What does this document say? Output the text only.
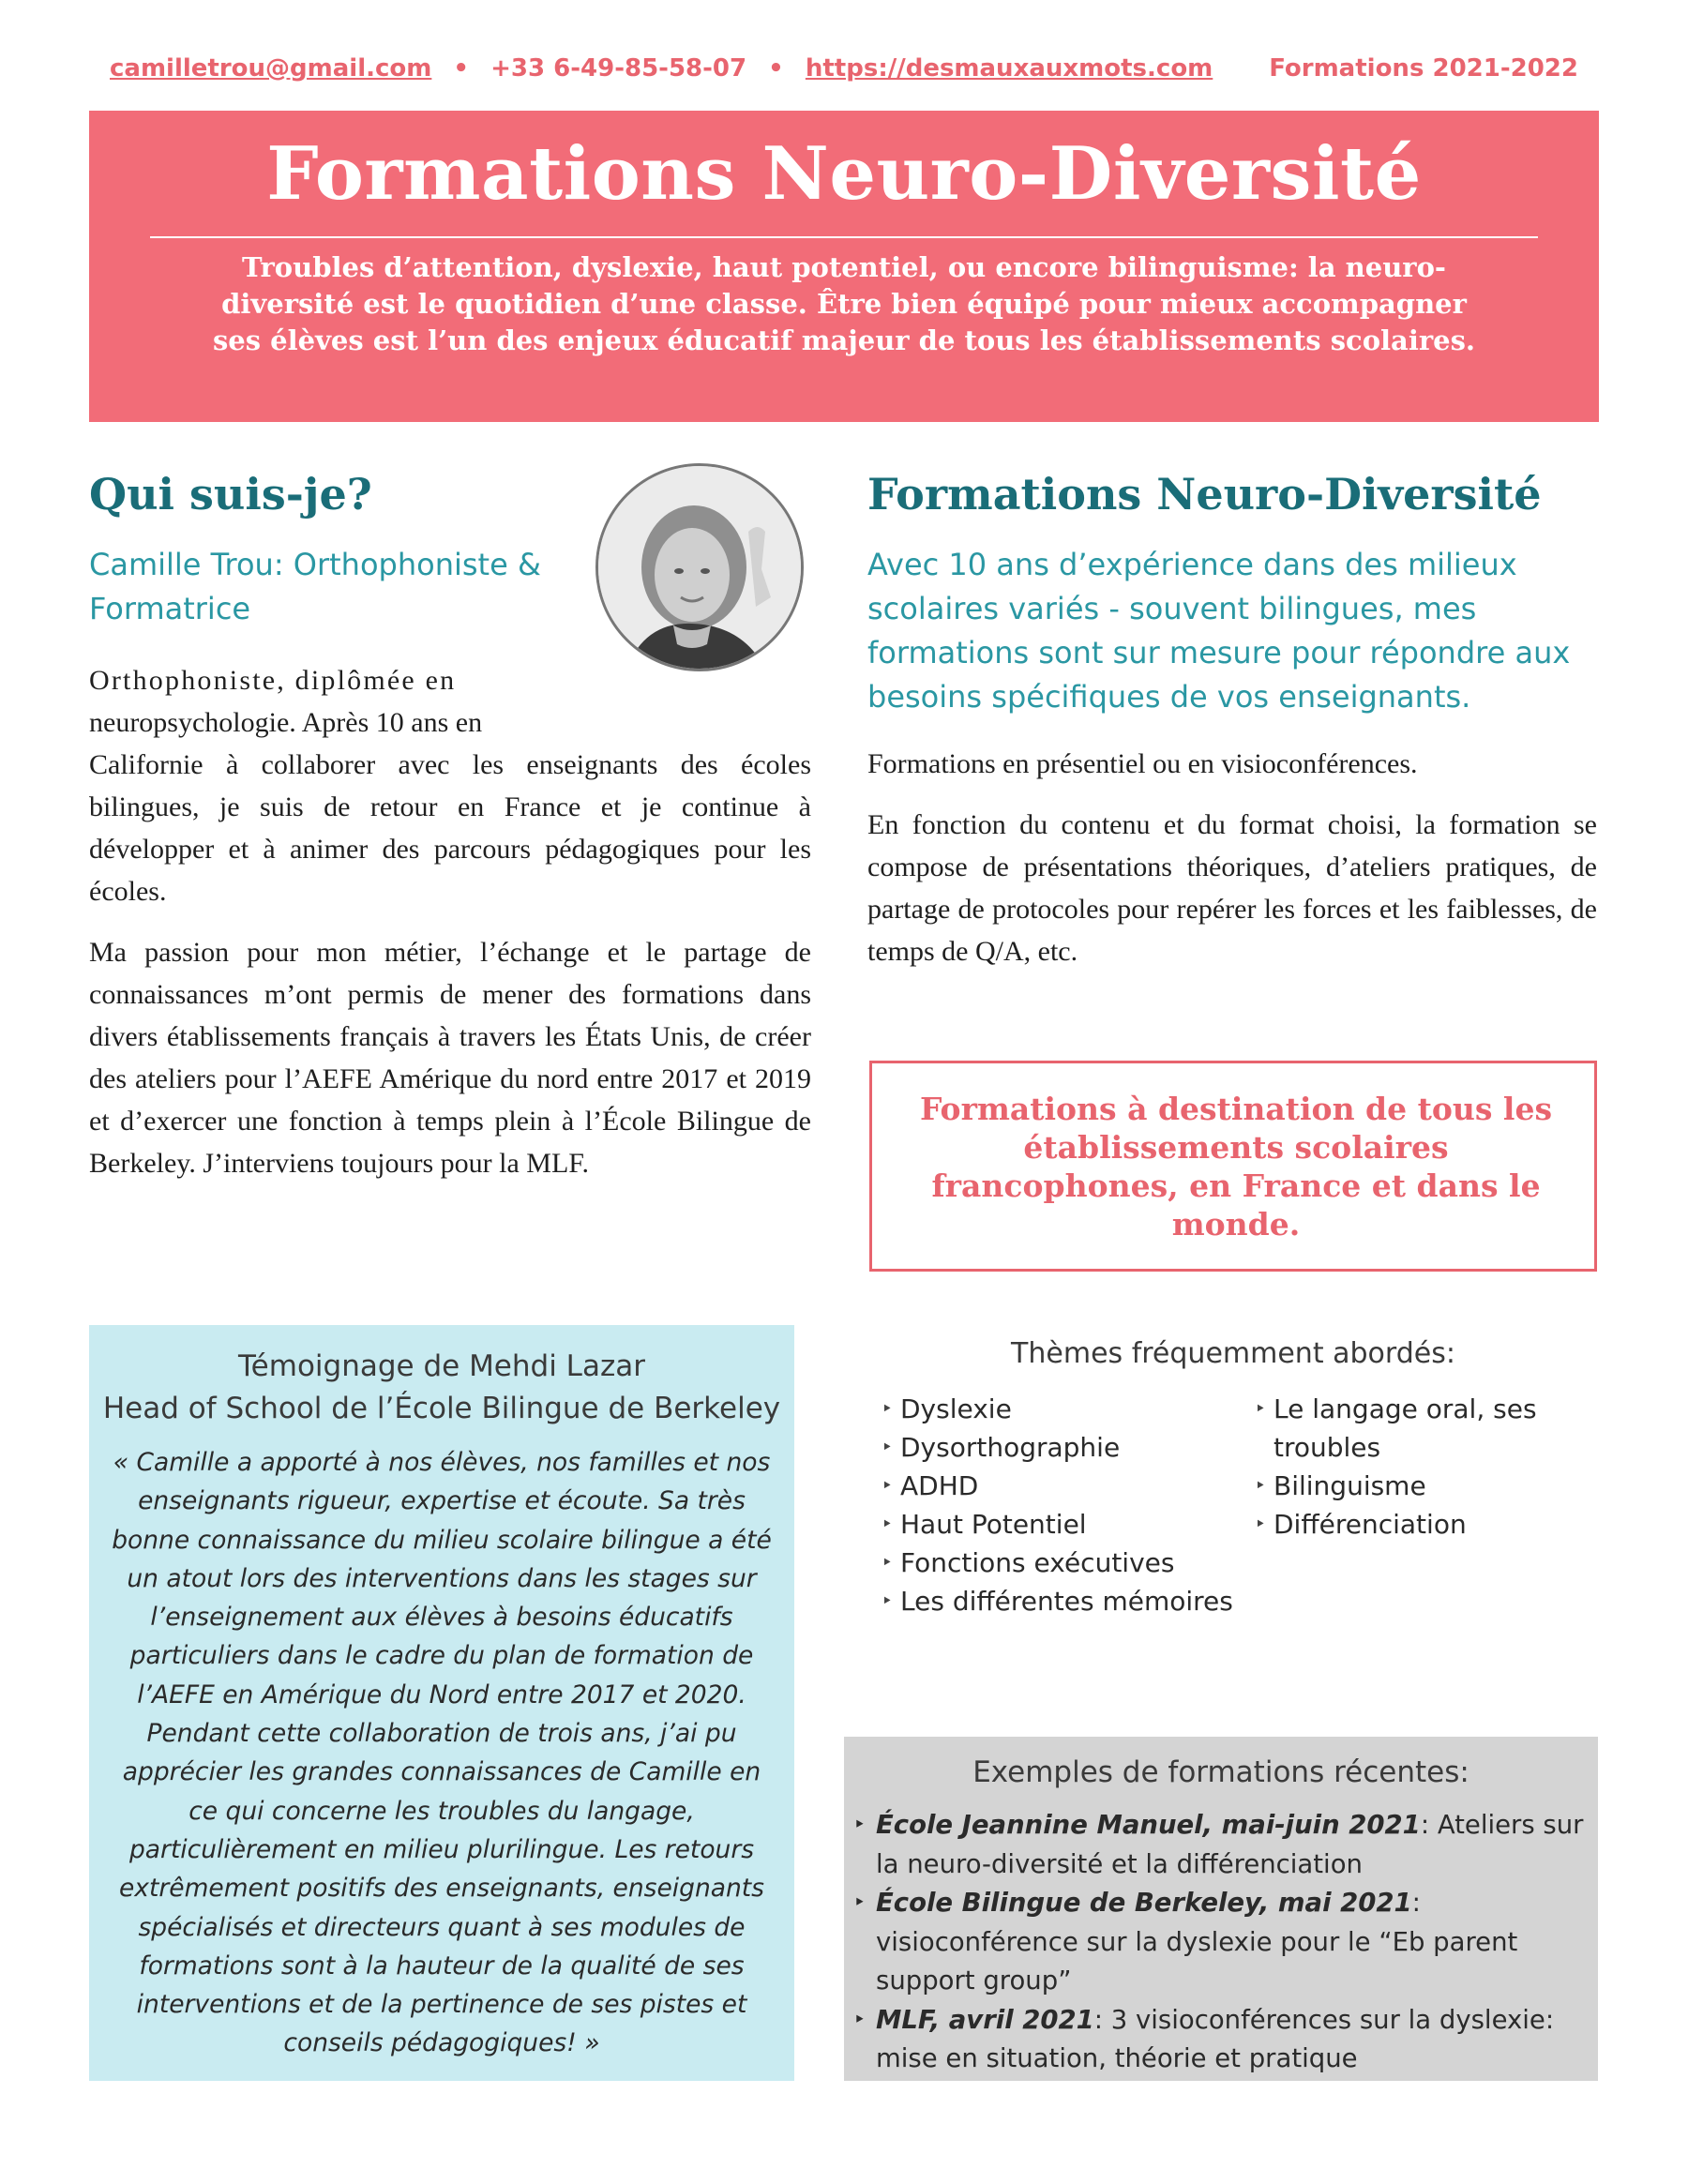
camilletrou@gmail.com • +33 6-49-85-58-07 • https://desmauxauxmots.com Formations 2021-2022
Formations Neuro-Diversité
Troubles d’attention, dyslexie, haut potentiel, ou encore bilinguisme: la neuro-diversité est le quotidien d’une classe. Être bien équipé pour mieux accompagner ses élèves est l’un des enjeux éducatif majeur de tous les établissements scolaires.
Qui suis-je?
Camille Trou: Orthophoniste &
Formatrice
Orthophoniste, diplômée en
neuropsychologie. Après 10 ans en

Californie à collaborer avec les enseignants des écoles bilingues, je suis de retour en France et je continue à développer et à animer des parcours pédagogiques pour les écoles.

Ma passion pour mon métier, l’échange et le partage de connaissances m’ont permis de mener des formations dans divers établissements français à travers les États Unis, de créer des ateliers pour l’AEFE Amérique du nord entre 2017 et 2019 et d’exercer une fonction à temps plein à l’École Bilingue de Berkeley. J’interviens toujours pour la MLF.

Formations Neuro-Diversité
Avec 10 ans d’expérience dans des milieux scolaires variés - souvent bilingues, mes formations sont sur mesure pour répondre aux besoins spécifiques de vos enseignants.

Formations en présentiel ou en visioconférences.

En fonction du contenu et du format choisi, la formation se compose de présentations théoriques, d’ateliers pratiques, de partage de protocoles pour repérer les forces et les faiblesses, de temps de Q/A, etc.

Formations à destination de tous les établissements scolaires francophones, en France et dans le monde.
Témoignage de Mehdi Lazar
Head of School de l’École Bilingue de Berkeley
« Camille a apporté à nos élèves, nos familles et nos enseignants rigueur, expertise et écoute. Sa très bonne connaissance du milieu scolaire bilingue a été un atout lors des interventions dans les stages sur l’enseignement aux élèves à besoins éducatifs particuliers dans le cadre du plan de formation de l’AEFE en Amérique du Nord entre 2017 et 2020. Pendant cette collaboration de trois ans, j’ai pu apprécier les grandes connaissances de Camille en ce qui concerne les troubles du langage, particulièrement en milieu plurilingue. Les retours extrêmement positifs des enseignants, enseignants spécialisés et directeurs quant à ses modules de formations sont à la hauteur de la qualité de ses interventions et de la pertinence de ses pistes et conseils pédagogiques! »
Thèmes fréquemment abordés:
‣ Dyslexie
‣ Dysorthographie
‣ ADHD
‣ Haut Potentiel
‣ Fonctions exécutives
‣ Les différentes mémoires
‣ Le langage oral, ses troubles
‣ Bilinguisme
‣ Différenciation
Exemples de formations récentes:
‣ École Jeannine Manuel, mai-juin 2021: Ateliers sur la neuro-diversité et la différenciation
‣ École Bilingue de Berkeley, mai 2021: visioconférence sur la dyslexie pour le “Eb parent support group”
‣ MLF, avril 2021: 3 visioconférences sur la dyslexie: mise en situation, théorie et pratique
